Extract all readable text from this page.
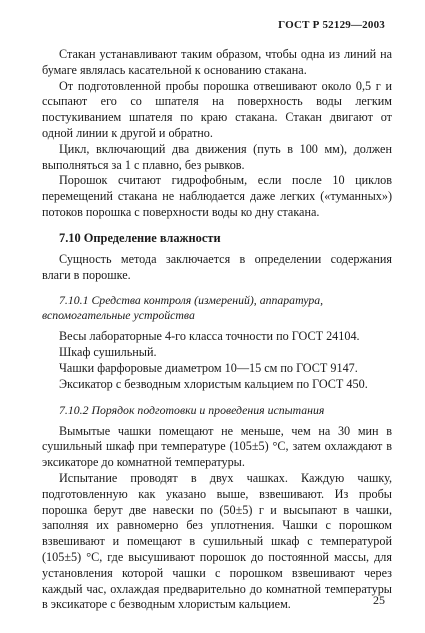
ГОСТ Р 52129—2003

Стакан устанавливают таким образом, чтобы одна из линий на бумаге являлась касательной к основанию стакана.

От подготовленной пробы порошка отвешивают около 0,5 г и ссыпают его со шпателя на поверхность воды легким постукиванием шпателя по краю стакана. Стакан двигают от одной линии к другой и обратно.

Цикл, включающий два движения (путь в 100 мм), должен выполняться за 1 с плавно, без рывков.

Порошок считают гидрофобным, если после 10 циклов перемещений стакана не наблюдается даже легких («туманных») потоков порошка с поверхности воды ко дну стакана.

7.10 Определение влажности

Сущность метода заключается в определении содержания влаги в порошке.

7.10.1 Средства контроля (измерений), аппаратура, вспомогательные устройства
Весы лабораторные 4-го класса точности по ГОСТ 24104.
Шкаф сушильный.
Чашки фарфоровые диаметром 10—15 см по ГОСТ 9147.
Эксикатор с безводным хлористым кальцием по ГОСТ 450.
7.10.2 Порядок подготовки и проведения испытания

Вымытые чашки помещают не меньше, чем на 30 мин в сушильный шкаф при температуре (105±5) °С, затем охлаждают в эксикаторе до комнатной температуры.

Испытание проводят в двух чашках. Каждую чашку, подготовленную как указано выше, взвешивают. Из пробы порошка берут две навески по (50±5) г и высыпают в чашки, заполняя их равномерно без уплотнения. Чашки с порошком взвешивают и помещают в сушильный шкаф с температурой (105±5) °С, где высушивают порошок до постоянной массы, для установления которой чашки с порошком взвешивают через каждый час, охлаждая предварительно до комнатной температуры в эксикаторе с безводным хлористым кальцием.	25
